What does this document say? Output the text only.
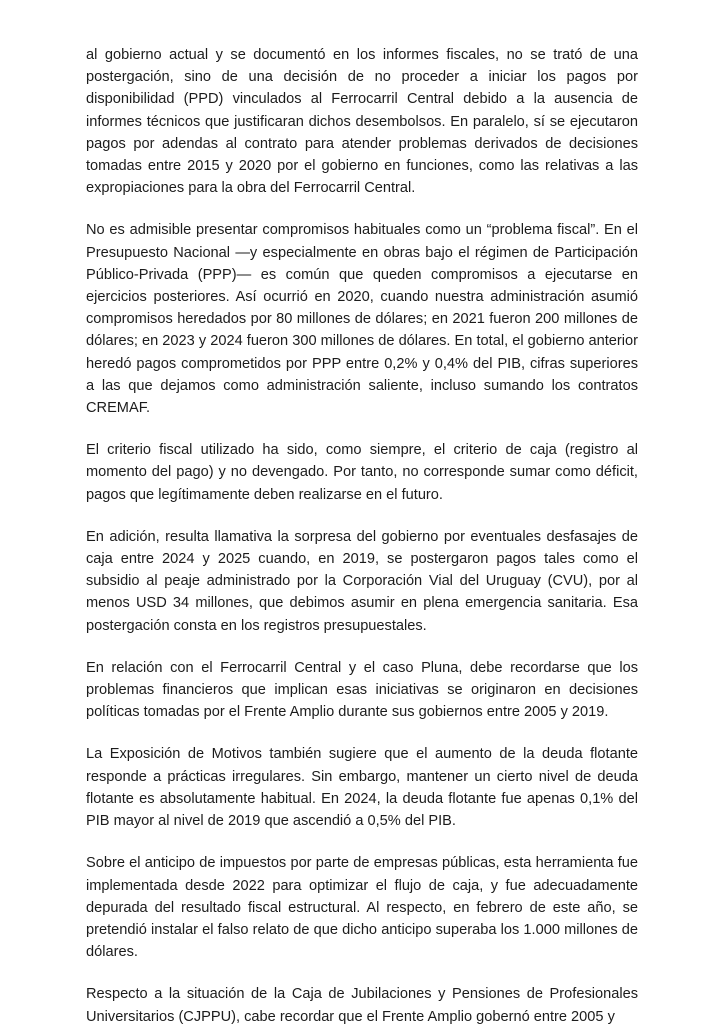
al gobierno actual y se documentó en los informes fiscales, no se trató de una postergación, sino de una decisión de no proceder a iniciar los pagos por disponibilidad (PPD) vinculados al Ferrocarril Central debido a la ausencia de informes técnicos que justificaran dichos desembolsos. En paralelo, sí se ejecutaron pagos por adendas al contrato para atender problemas derivados de decisiones tomadas entre 2015 y 2020 por el gobierno en funciones, como las relativas a las expropiaciones para la obra del Ferrocarril Central.

No es admisible presentar compromisos habituales como un “problema fiscal”. En el Presupuesto Nacional —y especialmente en obras bajo el régimen de Participación Público-Privada (PPP)— es común que queden compromisos a ejecutarse en ejercicios posteriores. Así ocurrió en 2020, cuando nuestra administración asumió compromisos heredados por 80 millones de dólares; en 2021 fueron 200 millones de dólares; en 2023 y 2024 fueron 300 millones de dólares. En total, el gobierno anterior heredó pagos comprometidos por PPP entre 0,2% y 0,4% del PIB, cifras superiores a las que dejamos como administración saliente, incluso sumando los contratos CREMAF.

El criterio fiscal utilizado ha sido, como siempre, el criterio de caja (registro al momento del pago) y no devengado. Por tanto, no corresponde sumar como déficit, pagos que legítimamente deben realizarse en el futuro.

En adición, resulta llamativa la sorpresa del gobierno por eventuales desfasajes de caja entre 2024 y 2025 cuando, en 2019, se postergaron pagos tales como el subsidio al peaje administrado por la Corporación Vial del Uruguay (CVU), por al menos USD 34 millones, que debimos asumir en plena emergencia sanitaria. Esa postergación consta en los registros presupuestales.

En relación con el Ferrocarril Central y el caso Pluna, debe recordarse que los problemas financieros que implican esas iniciativas se originaron en decisiones políticas tomadas por el Frente Amplio durante sus gobiernos entre 2005 y 2019.

La Exposición de Motivos también sugiere que el aumento de la deuda flotante responde a prácticas irregulares. Sin embargo, mantener un cierto nivel de deuda flotante es absolutamente habitual. En 2024, la deuda flotante fue apenas 0,1% del PIB mayor al nivel de 2019 que ascendió a 0,5% del PIB.

Sobre el anticipo de impuestos por parte de empresas públicas, esta herramienta fue implementada desde 2022 para optimizar el flujo de caja, y fue adecuadamente depurada del resultado fiscal estructural. Al respecto, en febrero de este año, se pretendió instalar el falso relato de que dicho anticipo superaba los 1.000 millones de dólares.

Respecto a la situación de la Caja de Jubilaciones y Pensiones de Profesionales Universitarios (CJPPU), cabe recordar que el Frente Amplio gobernó entre 2005 y
